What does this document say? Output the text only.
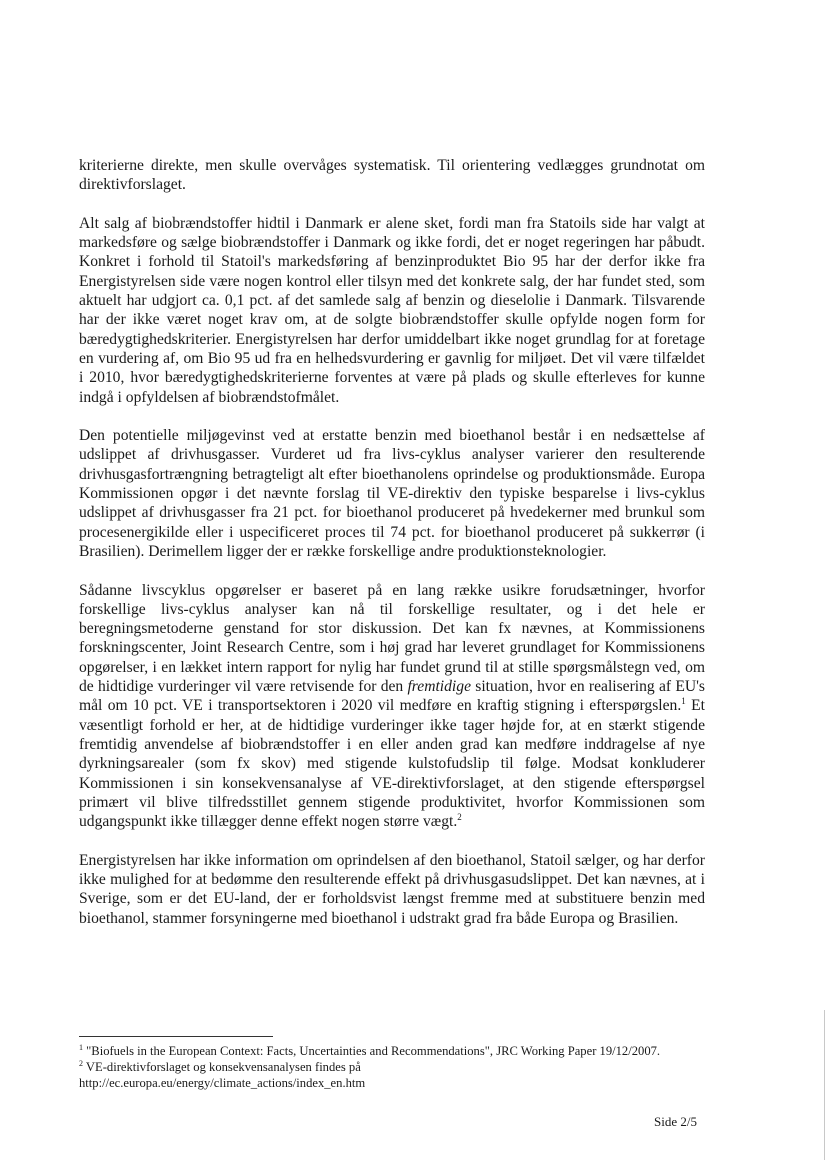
kriterierne direkte, men skulle overvåges systematisk. Til orientering vedlægges grundnotat om direktivforslaget.

Alt salg af biobrændstoffer hidtil i Danmark er alene sket, fordi man fra Statoils side har valgt at markedsføre og sælge biobrændstoffer i Danmark og ikke fordi, det er noget regeringen har påbudt. Konkret i forhold til Statoil's markedsføring af benzinproduktet Bio 95 har der derfor ikke fra Energistyrelsen side være nogen kontrol eller tilsyn med det konkrete salg, der har fundet sted, som aktuelt har udgjort ca. 0,1 pct. af det samlede salg af benzin og dieselolie i Danmark. Tilsvarende har der ikke været noget krav om, at de solgte biobrændstoffer skulle opfylde nogen form for bæredygtighedskriterier. Energistyrelsen har derfor umiddelbart ikke noget grundlag for at foretage en vurdering af, om Bio 95 ud fra en helhedsvurdering er gavnlig for miljøet. Det vil være tilfældet i 2010, hvor bæredygtighedskriterierne forventes at være på plads og skulle efterleves for kunne indgå i opfyldelsen af biobrændstofmålet.

Den potentielle miljøgevinst ved at erstatte benzin med bioethanol består i en nedsættelse af udslippet af drivhusgasser. Vurderet ud fra livs-cyklus analyser varierer den resulterende drivhusgasfortrængning betragteligt alt efter bioethanolens oprindelse og produktionsmåde. Europa Kommissionen opgør i det nævnte forslag til VE-direktiv den typiske besparelse i livs-cyklus udslippet af drivhusgasser fra 21 pct. for bioethanol produceret på hvedekerner med brunkul som procesenergikilde eller i uspecificeret proces til 74 pct. for bioethanol produceret på sukkerrør (i Brasilien). Derimellem ligger der er række forskellige andre produktionsteknologier.

Sådanne livscyklus opgørelser er baseret på en lang række usikre forudsætninger, hvorfor forskellige livs-cyklus analyser kan nå til forskellige resultater, og i det hele er beregningsmetoderne genstand for stor diskussion. Det kan fx nævnes, at Kommissionens forskningscenter, Joint Research Centre, som i høj grad har leveret grundlaget for Kommissionens opgørelser, i en lækket intern rapport for nylig har fundet grund til at stille spørgsmålstegn ved, om de hidtidige vurderinger vil være retvisende for den fremtidige situation, hvor en realisering af EU's mål om 10 pct. VE i transportsektoren i 2020 vil medføre en kraftig stigning i efterspørgslen.$^1$ Et væsentligt forhold er her, at de hidtidige vurderinger ikke tager højde for, at en stærkt stigende fremtidig anvendelse af biobrændstoffer i en eller anden grad kan medføre inddragelse af nye dyrkningsarealer (som fx skov) med stigende kulstofudslip til følge. Modsat konkluderer Kommissionen i sin konsekvensanalyse af VE-direktivforslaget, at den stigende efterspørgsel primært vil blive tilfredsstillet gennem stigende produktivitet, hvorfor Kommissionen som udgangspunkt ikke tillægger denne effekt nogen større vægt.$^2$

Energistyrelsen har ikke information om oprindelsen af den bioethanol, Statoil sælger, og har derfor ikke mulighed for at bedømme den resulterende effekt på drivhusgasudslippet. Det kan nævnes, at i Sverige, som er det EU-land, der er forholdsvist længst fremme med at substituere benzin med bioethanol, stammer forsyningerne med bioethanol i udstrakt grad fra både Europa og Brasilien.

$^1$ "Biofuels in the European Context: Facts, Uncertainties and Recommendations", JRC Working Paper 19/12/2007.

$^2$ VE-direktivforslaget og konsekvensanalysen findes på

http://ec.europa.eu/energy/climate_actions/index_en.htm

Side 2/5
